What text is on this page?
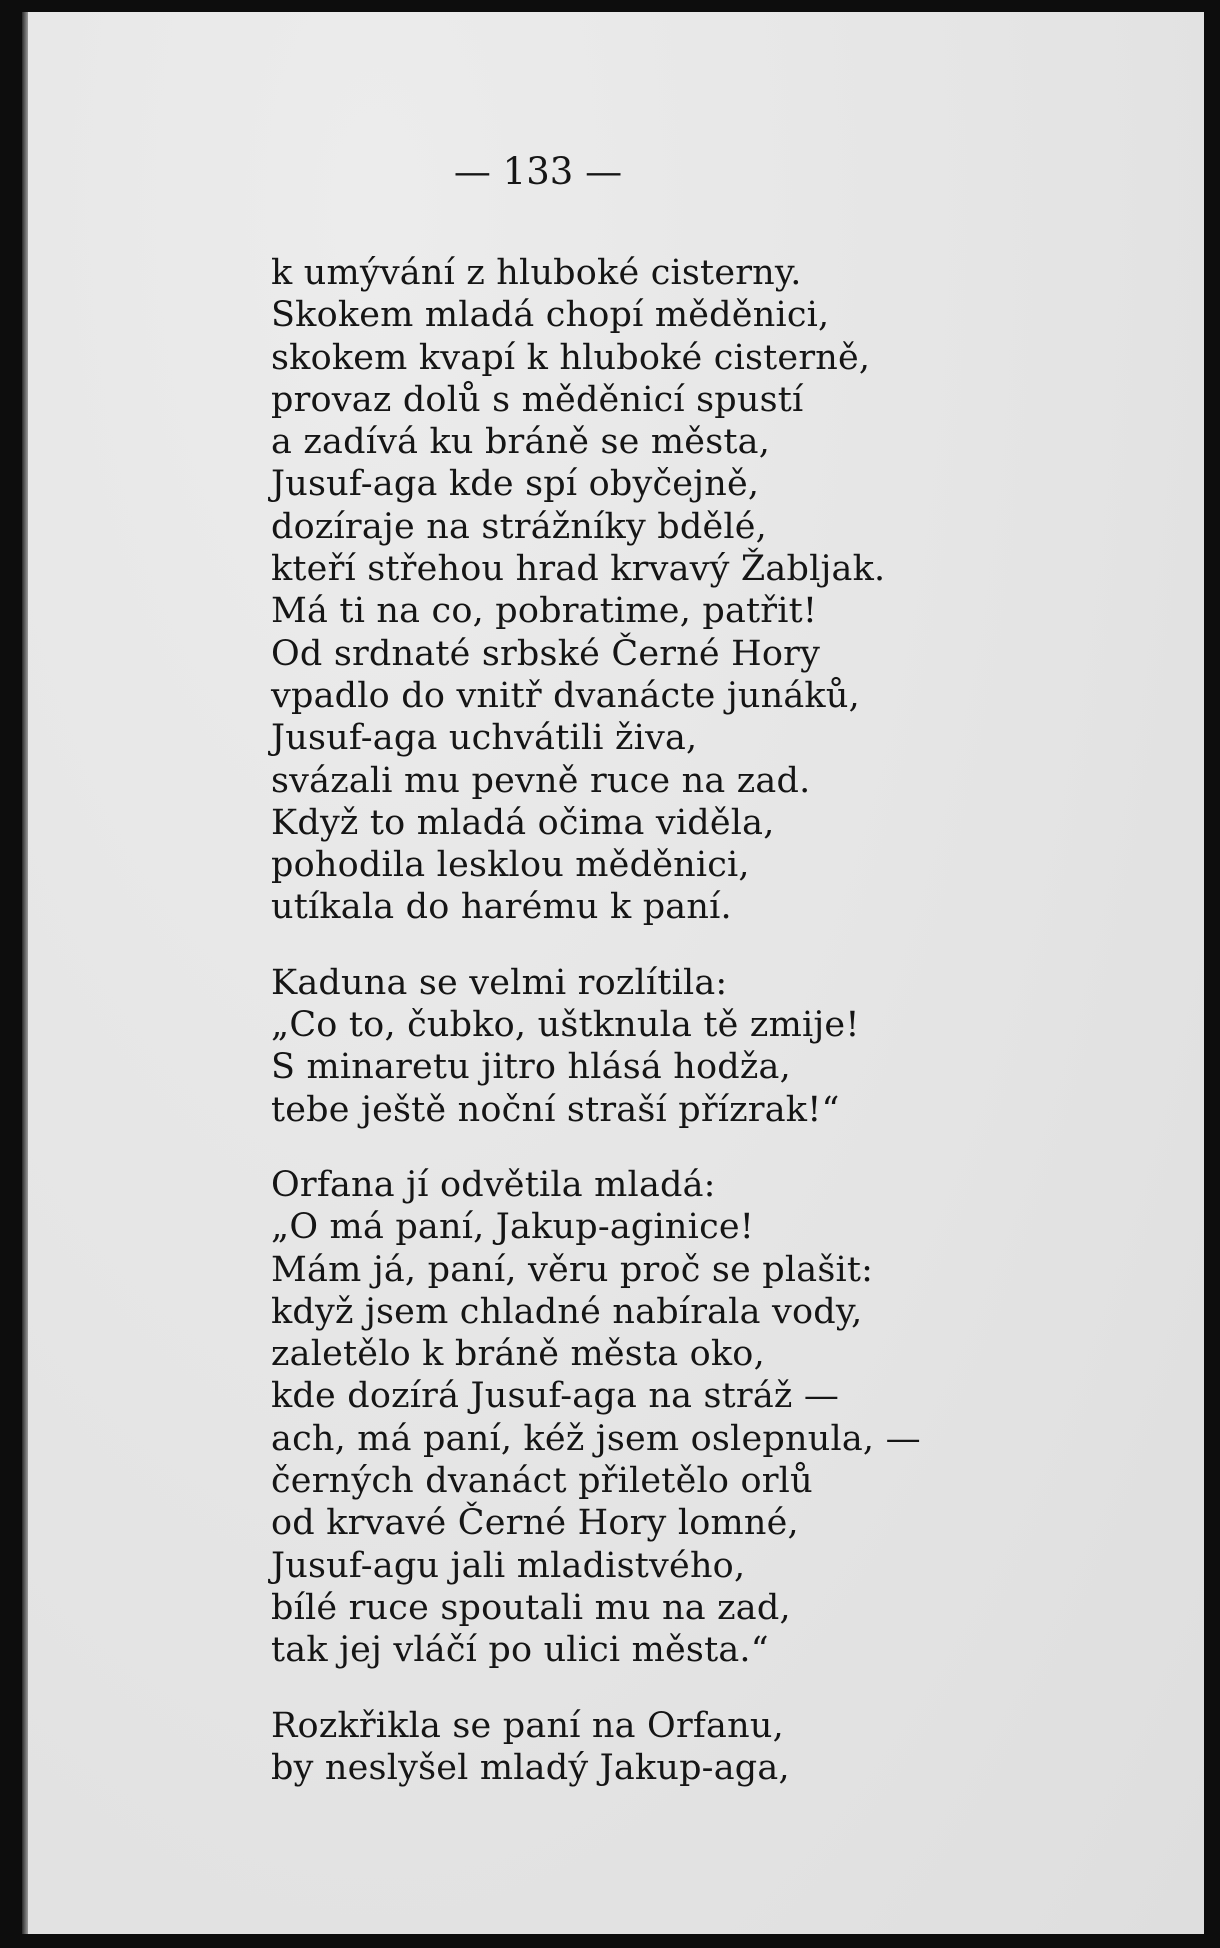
— 133 —
k umývání z hluboké cisterny.
Skokem mladá chopí měděnici,
skokem kvapí k hluboké cisterně,
provaz dolů s měděnicí spustí
a zadívá ku bráně se města,
Jusuf-aga kde spí obyčejně,
dozíraje na strážníky bdělé,
kteří střehou hrad krvavý Žabljak.
Má ti na co, pobratime, patřit!
Od srdnaté srbské Černé Hory
vpadlo do vnitř dvanácte junáků,
Jusuf-aga uchvátili živa,
svázali mu pevně ruce na zad.
Když to mladá očima viděla,
pohodila lesklou měděnici,
utíkala do harému k paní.
Kaduna se velmi rozlítila:
„Co to, čubko, uštknula tě zmije!
S minaretu jitro hlásá hodža,
tebe ještě noční straší přízrak!“
Orfana jí odvětila mladá:
„O má paní, Jakup-aginice!
Mám já, paní, věru proč se plašit:
když jsem chladné nabírala vody,
zaletělo k bráně města oko,
kde dozírá Jusuf-aga na stráž —
ach, má paní, kéž jsem oslepnula, —
černých dvanáct přiletělo orlů
od krvavé Černé Hory lomné,
Jusuf-agu jali mladistvého,
bílé ruce spoutali mu na zad,
tak jej vláčí po ulici města.“
Rozkřikla se paní na Orfanu,
by neslyšel mladý Jakup-aga,
